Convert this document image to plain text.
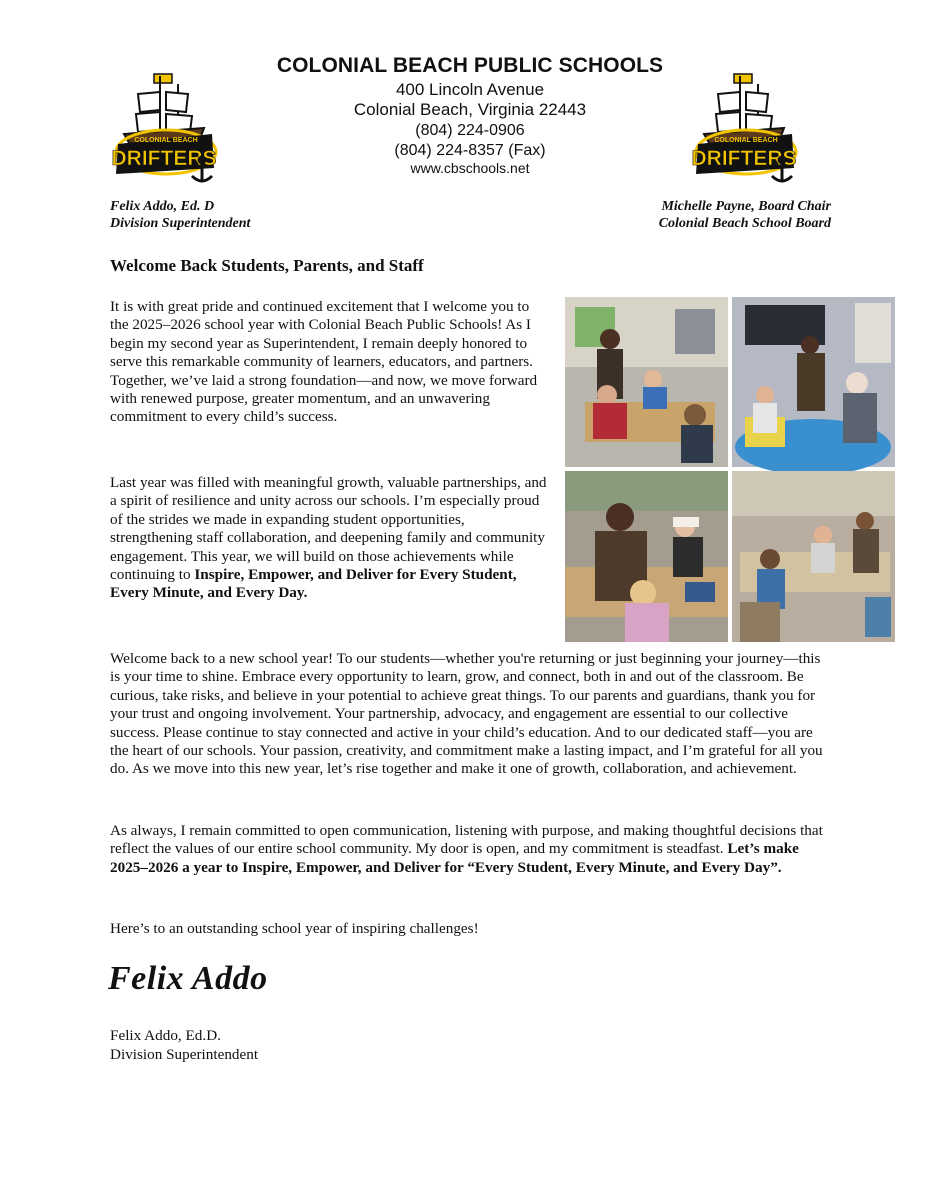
COLONIAL BEACH
DRIFTERS
COLONIAL BEACH
DRIFTERS
COLONIAL BEACH PUBLIC SCHOOLS
400 Lincoln Avenue
Colonial Beach, Virginia 22443
(804) 224-0906
(804) 224-8357 (Fax)
www.cbschools.net
Felix Addo, Ed. D
Division Superintendent
Michelle Payne, Board Chair
Colonial Beach School Board
Welcome Back Students, Parents, and Staff
It is with great pride and continued excitement that I welcome you to the 2025–2026 school year with Colonial Beach Public Schools! As I begin my second year as Superintendent, I remain deeply honored to serve this remarkable community of learners, educators, and partners. Together, we’ve laid a strong foundation—and now, we move forward with renewed purpose, greater momentum, and an unwavering commitment to every child’s success.
Last year was filled with meaningful growth, valuable partnerships, and a spirit of resilience and unity across our schools. I’m especially proud of the strides we made in expanding student opportunities, strengthening staff collaboration, and deepening family and community engagement. This year, we will build on those achievements while continuing to Inspire, Empower, and Deliver for Every Student, Every Minute, and Every Day.
Welcome back to a new school year! To our students—whether you're returning or just beginning your journey—this is your time to shine. Embrace every opportunity to learn, grow, and connect, both in and out of the classroom. Be curious, take risks, and believe in your potential to achieve great things. To our parents and guardians, thank you for your trust and ongoing involvement. Your partnership, advocacy, and engagement are essential to our collective success. Please continue to stay connected and active in your child’s education. And to our dedicated staff—you are the heart of our schools. Your passion, creativity, and commitment make a lasting impact, and I’m grateful for all you do. As we move into this new year, let’s rise together and make it one of growth, collaboration, and achievement.
As always, I remain committed to open communication, listening with purpose, and making thoughtful decisions that reflect the values of our entire school community. My door is open, and my commitment is steadfast. Let’s make 2025–2026 a year to Inspire, Empower, and Deliver for “Every Student, Every Minute, and Every Day”.
Here’s to an outstanding school year of inspiring challenges!
Felix Addo
Felix Addo, Ed.D.
Division Superintendent
